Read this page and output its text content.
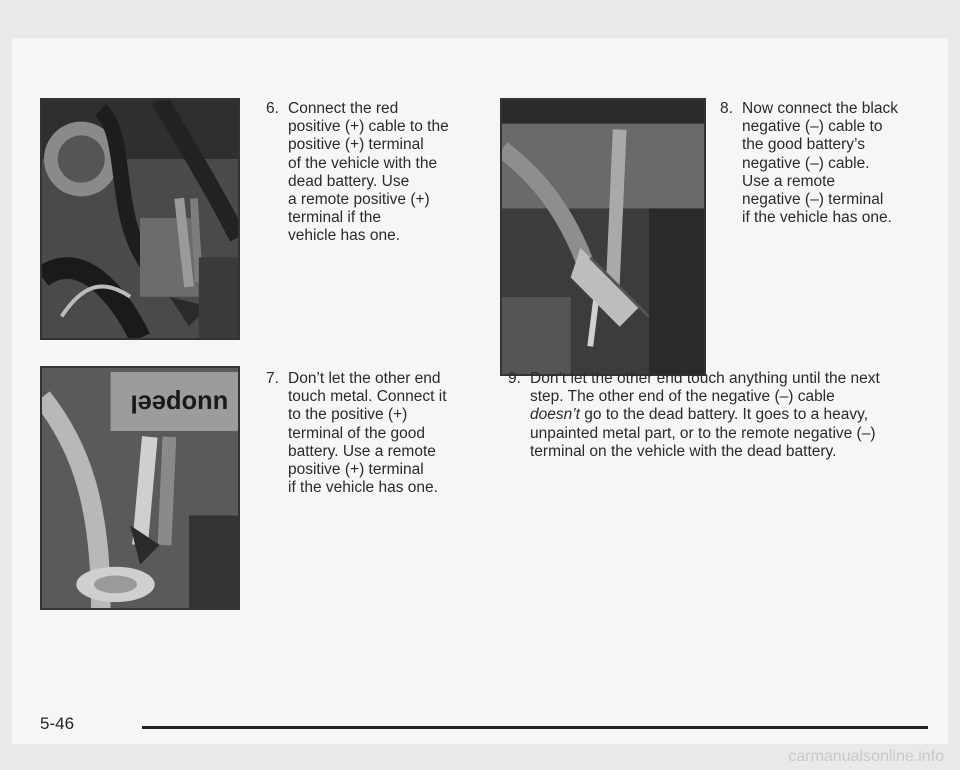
uuopeeI
6. Connect the red
positive (+) cable to the
positive (+) terminal
of the vehicle with the
dead battery. Use
a remote positive (+)
terminal if the
vehicle has one.
8. Now connect the black
negative (–) cable to
the good battery’s
negative (–) cable.
Use a remote
negative (–) terminal
if the vehicle has one.
7. Don’t let the other end
touch metal. Connect it
to the positive (+)
terminal of the good
battery. Use a remote
positive (+) terminal
if the vehicle has one.
9. Don’t let the other end touch anything until the next
step. The other end of the negative (–) cable
doesn’t go to the dead battery. It goes to a heavy,
unpainted metal part, or to the remote negative (–)
terminal on the vehicle with the dead battery.
5-46
carmanualsonline.info
